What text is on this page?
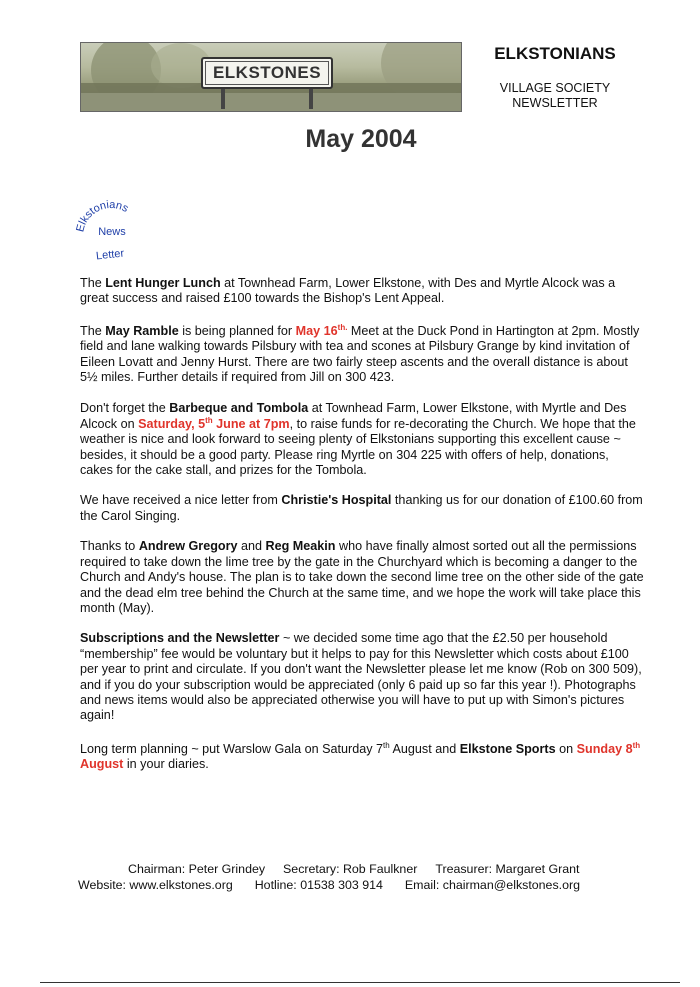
ELKSTONES
ELKSTONIANS
VILLAGE SOCIETY
NEWSLETTER
May 2004
Elkstonians
News
Letter

The Lent Hunger Lunch at Townhead Farm, Lower Elkstone, with Des and Myrtle Alcock was a great success and raised £100 towards the Bishop's Lent Appeal.

The May Ramble is being planned for May $16^{th.}$ Meet at the Duck Pond in Hartington at 2pm. Mostly field and lane walking towards Pilsbury with tea and scones at Pilsbury Grange by kind invitation of Eileen Lovatt and Jenny Hurst. There are two fairly steep ascents and the overall distance is about 5½ miles. Further details if required from Jill on 300 423.

Don't forget the Barbeque and Tombola at Townhead Farm, Lower Elkstone, with Myrtle and Des Alcock on Saturday, 5th June at 7pm, to raise funds for re-decorating the Church. We hope that the weather is nice and look forward to seeing plenty of Elkstonians supporting this excellent cause ~ besides, it should be a good party. Please ring Myrtle on 304 225 with offers of help, donations, cakes for the cake stall, and prizes for the Tombola.

We have received a nice letter from Christie's Hospital thanking us for our donation of £100.60 from the Carol Singing.

Thanks to Andrew Gregory and Reg Meakin who have finally almost sorted out all the permissions required to take down the lime tree by the gate in the Churchyard which is becoming a danger to the Church and Andy's house. The plan is to take down the second lime tree on the other side of the gate and the dead elm tree behind the Church at the same time, and we hope the work will take place this month (May).

Subscriptions and the Newsletter ~ we decided some time ago that the £2.50 per household “membership” fee would be voluntary but it helps to pay for this Newsletter which costs about £100 per year to print and circulate. If you don't want the Newsletter please let me know (Rob on 300 509), and if you do your subscription would be appreciated (only 6 paid up so far this year !). Photographs and news items would also be appreciated otherwise you will have to put up with Simon's pictures again!

Long term planning ~ put Warslow Gala on Saturday 7th August and Elkstone Sports on Sunday 8th August in your diaries.

Chairman: Peter Grindey Secretary: Rob Faulkner Treasurer: Margaret Grant
Website: www.elkstones.org Hotline: 01538 303 914 Email: chairman@elkstones.org
